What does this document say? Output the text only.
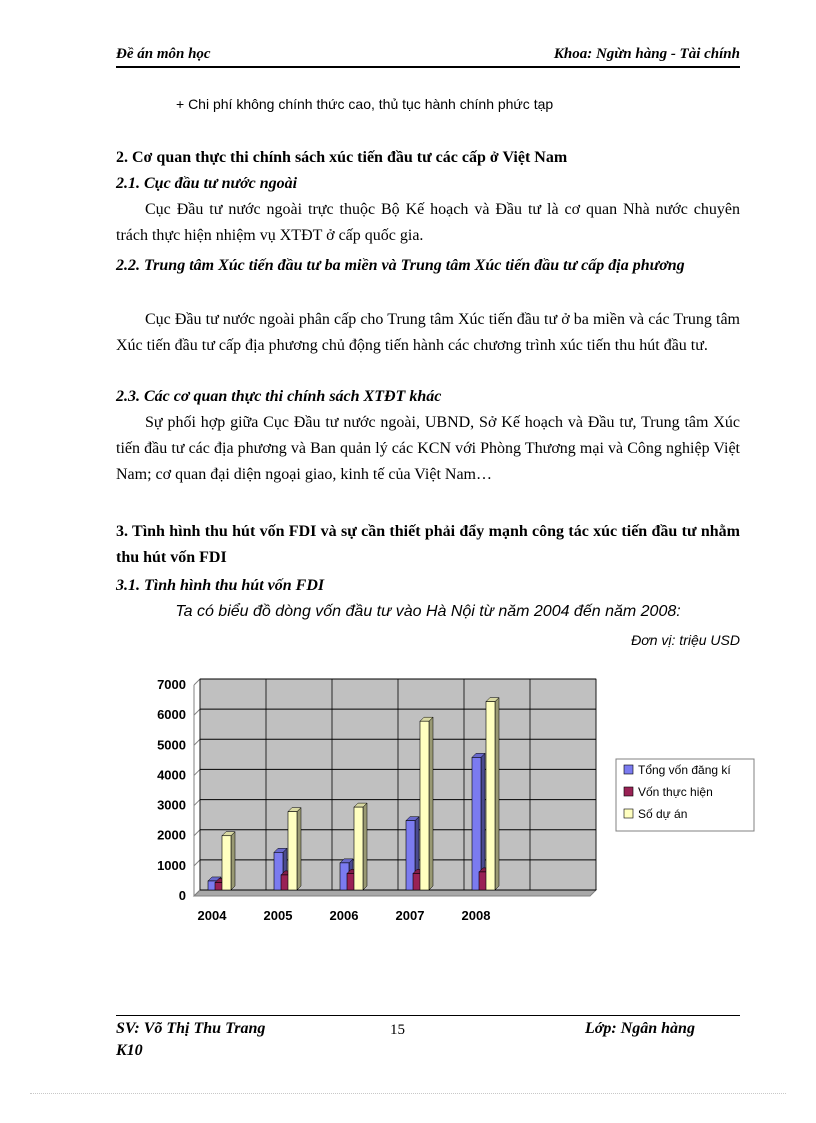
Đề án môn học	Khoa: Ngừn hàng - Tài chính

+ Chi phí không chính thức cao, thủ tục hành chính phức tạp

2. Cơ quan thực thi chính sách xúc tiến đầu tư các cấp ở Việt Nam

2.1. Cục đầu tư nước ngoài

Cục Đầu tư nước ngoài trực thuộc Bộ Kế hoạch và Đầu tư là cơ quan Nhà nước chuyên trách thực hiện nhiệm vụ XTĐT ở cấp quốc gia.

2.2. Trung tâm Xúc tiến đầu tư ba miền và Trung tâm Xúc tiến đầu tư cấp địa phương

Cục Đầu tư nước ngoài phân cấp cho Trung tâm Xúc tiến đầu tư ở ba miền và các Trung tâm Xúc tiến đầu tư cấp địa phương chủ động tiến hành các chương trình xúc tiến thu hút đầu tư.

2.3. Các cơ quan thực thi chính sách XTĐT khác

Sự phối hợp giữa Cục Đầu tư nước ngoài, UBND, Sở Kế hoạch và Đầu tư, Trung tâm Xúc tiến đầu tư các địa phương và Ban quản lý các KCN với Phòng Thương mại và Công nghiệp Việt Nam; cơ quan đại diện ngoại giao, kinh tế của Việt Nam…

3. Tình hình thu hút vốn FDI và sự cần thiết phải đẩy mạnh công tác xúc tiến đầu tư nhằm thu hút vốn FDI

3.1. Tình hình thu hút vốn FDI

Ta có biểu đồ dòng vốn đầu tư vào Hà Nội từ năm 2004 đến năm 2008:
Đơn vị: triệu USD
0
1000
2000
3000
4000
5000
6000
7000
2004	2005	2006	2007	2008
Tổng vốn đăng kí
Vốn thực hiện
Số dự án
SV: Võ Thị Thu Trang	15	Lớp: Ngân hàng
K10
